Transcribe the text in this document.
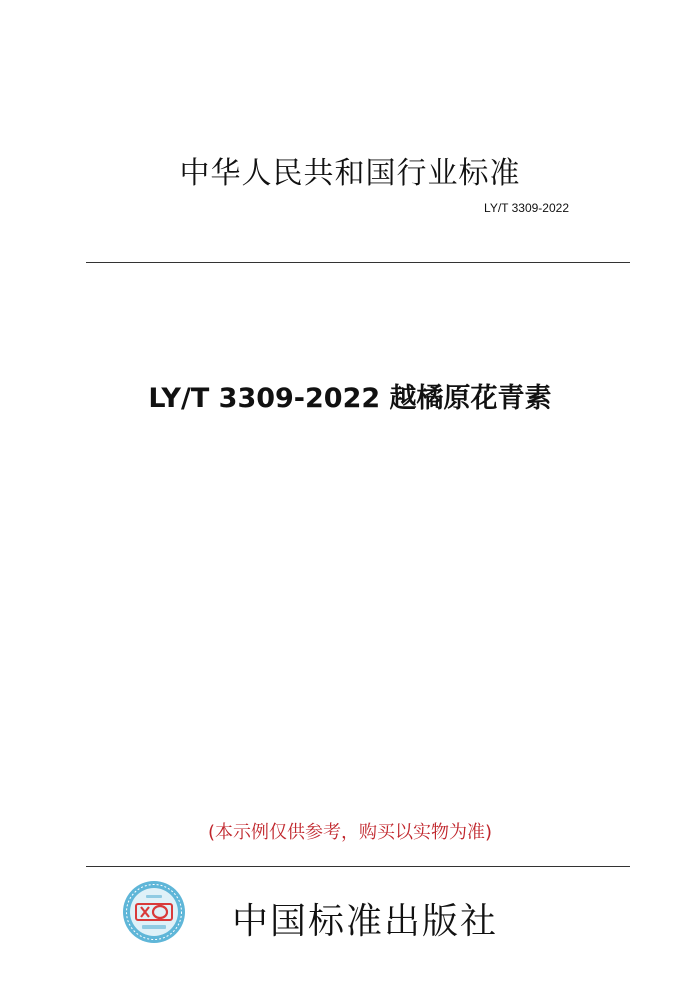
中华人民共和国行业标准
LY/T 3309-2022
LY/T 3309-2022 越橘原花青素
(本示例仅供参考，购买以实物为准)
中国标准出版社
